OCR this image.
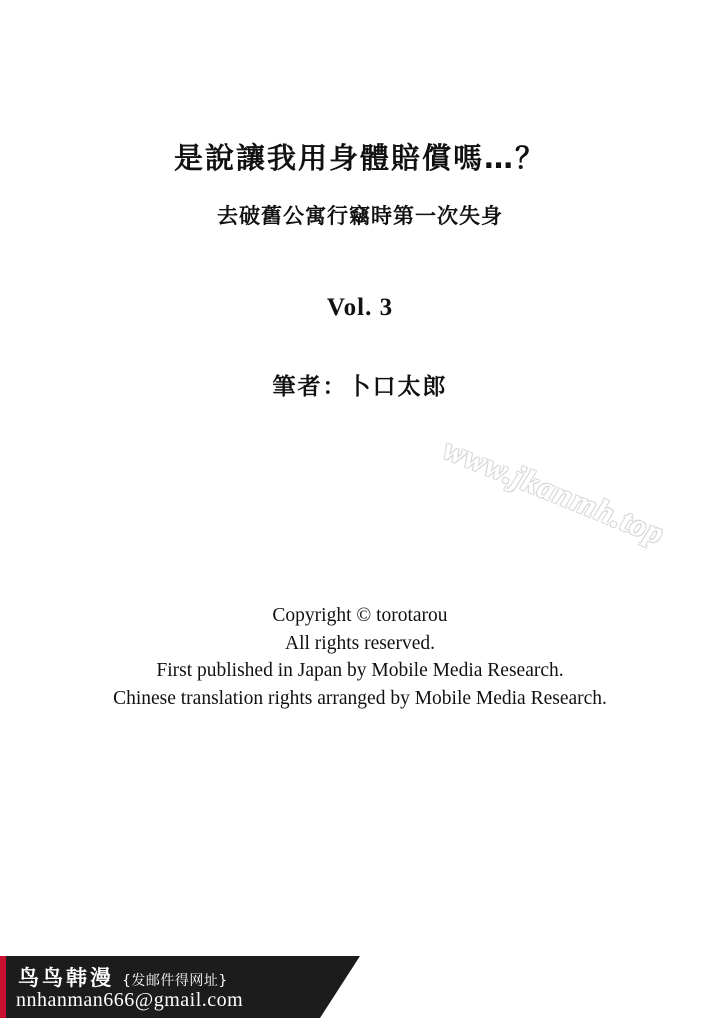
是說讓我用身體賠償嗎…？
去破舊公寓行竊時第一次失身
Vol. 3
筆者：卜口太郎
www.jkanmh.top
Copyright © torotarou
All rights reserved.
First published in Japan by Mobile Media Research.
Chinese translation rights arranged by Mobile Media Research.
鸟鸟韩漫 {发邮件得网址}
nnhanman666@gmail.com
